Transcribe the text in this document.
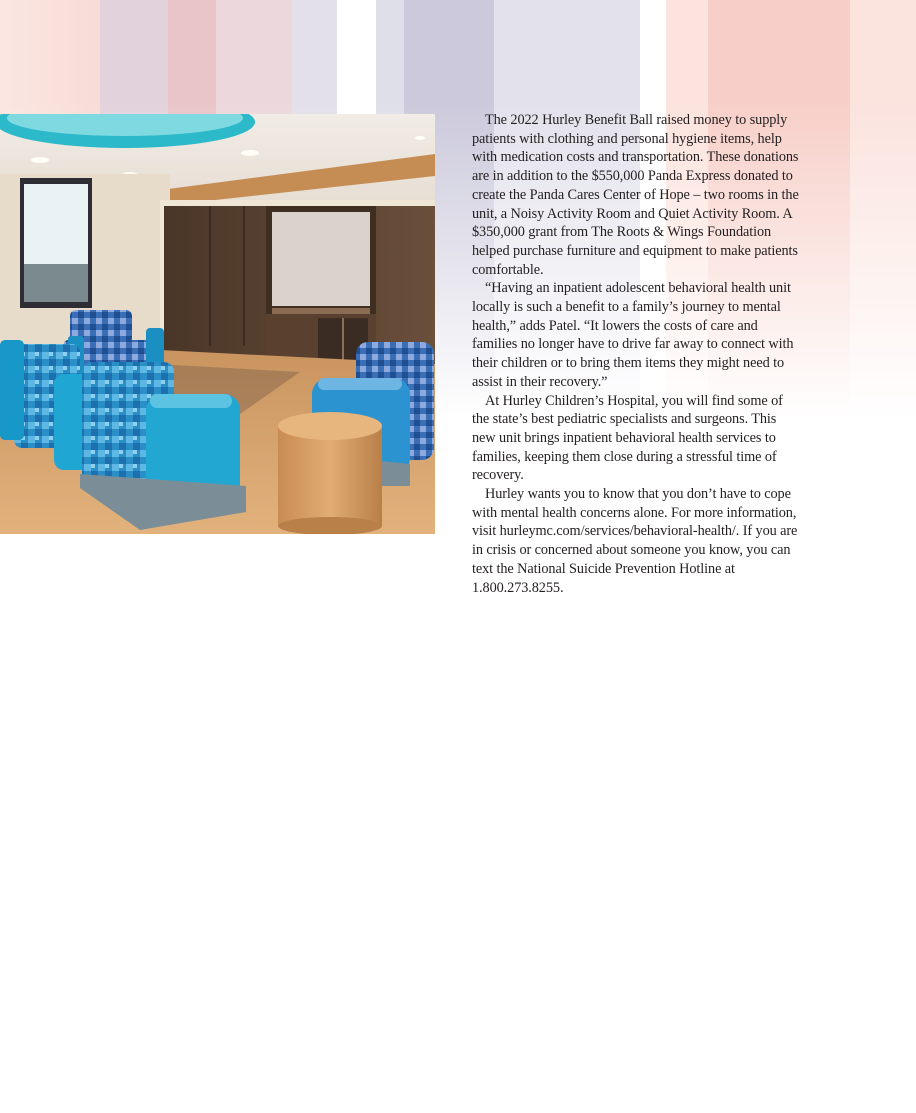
The 2022 Hurley Benefit Ball raised money to supply patients with clothing and personal hygiene items, help with medication costs and transportation. These donations are in addition to the $550,000 Panda Express donated to create the Panda Cares Center of Hope – two rooms in the unit, a Noisy Activity Room and Quiet Activity Room. A $350,000 grant from The Roots & Wings Foundation helped purchase furniture and equipment to make patients comfortable.

“Having an inpatient adolescent behavioral health unit locally is such a benefit to a family’s journey to mental health,” adds Patel. “It lowers the costs of care and families no longer have to drive far away to connect with their children or to bring them items they might need to assist in their recovery.”

At Hurley Children’s Hospital, you will find some of the state’s best pediatric specialists and surgeons. This new unit brings inpatient behavioral health services to families, keeping them close during a stressful time of recovery.

Hurley wants you to know that you don’t have to cope with mental health concerns alone. For more information, visit hurleymc.com/services/behavioral-health/. If you are in crisis or concerned about someone you know, you can text the National Suicide Prevention Hotline at 1.800.273.8255.
